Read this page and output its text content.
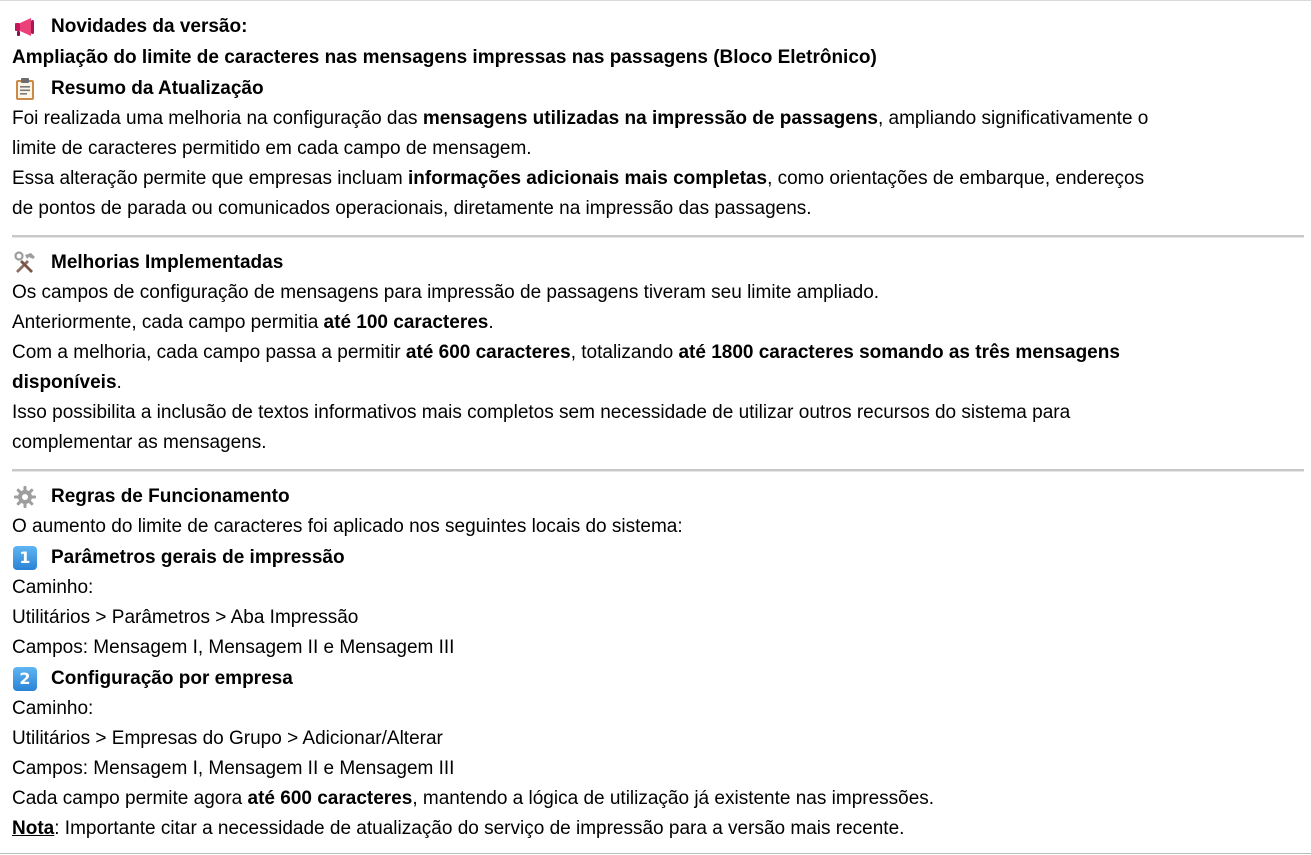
Novidades da versão:
Ampliação do limite de caracteres nas mensagens impressas nas passagens (Bloco Eletrônico)
Resumo da Atualização
Foi realizada uma melhoria na configuração das mensagens utilizadas na impressão de passagens, ampliando significativamente o
limite de caracteres permitido em cada campo de mensagem.
Essa alteração permite que empresas incluam informações adicionais mais completas, como orientações de embarque, endereços
de pontos de parada ou comunicados operacionais, diretamente na impressão das passagens.
Melhorias Implementadas
Os campos de configuração de mensagens para impressão de passagens tiveram seu limite ampliado.
Anteriormente, cada campo permitia até 100 caracteres.
Com a melhoria, cada campo passa a permitir até 600 caracteres, totalizando até 1800 caracteres somando as três mensagens
disponíveis.
Isso possibilita a inclusão de textos informativos mais completos sem necessidade de utilizar outros recursos do sistema para
complementar as mensagens.
Regras de Funcionamento
O aumento do limite de caracteres foi aplicado nos seguintes locais do sistema:
1	Parâmetros gerais de impressão
Caminho:
Utilitários > Parâmetros > Aba Impressão
Campos: Mensagem I, Mensagem II e Mensagem III
2	Configuração por empresa
Caminho:
Utilitários > Empresas do Grupo > Adicionar/Alterar
Campos: Mensagem I, Mensagem II e Mensagem III
Cada campo permite agora até 600 caracteres, mantendo a lógica de utilização já existente nas impressões.
Nota: Importante citar a necessidade de atualização do serviço de impressão para a versão mais recente.
